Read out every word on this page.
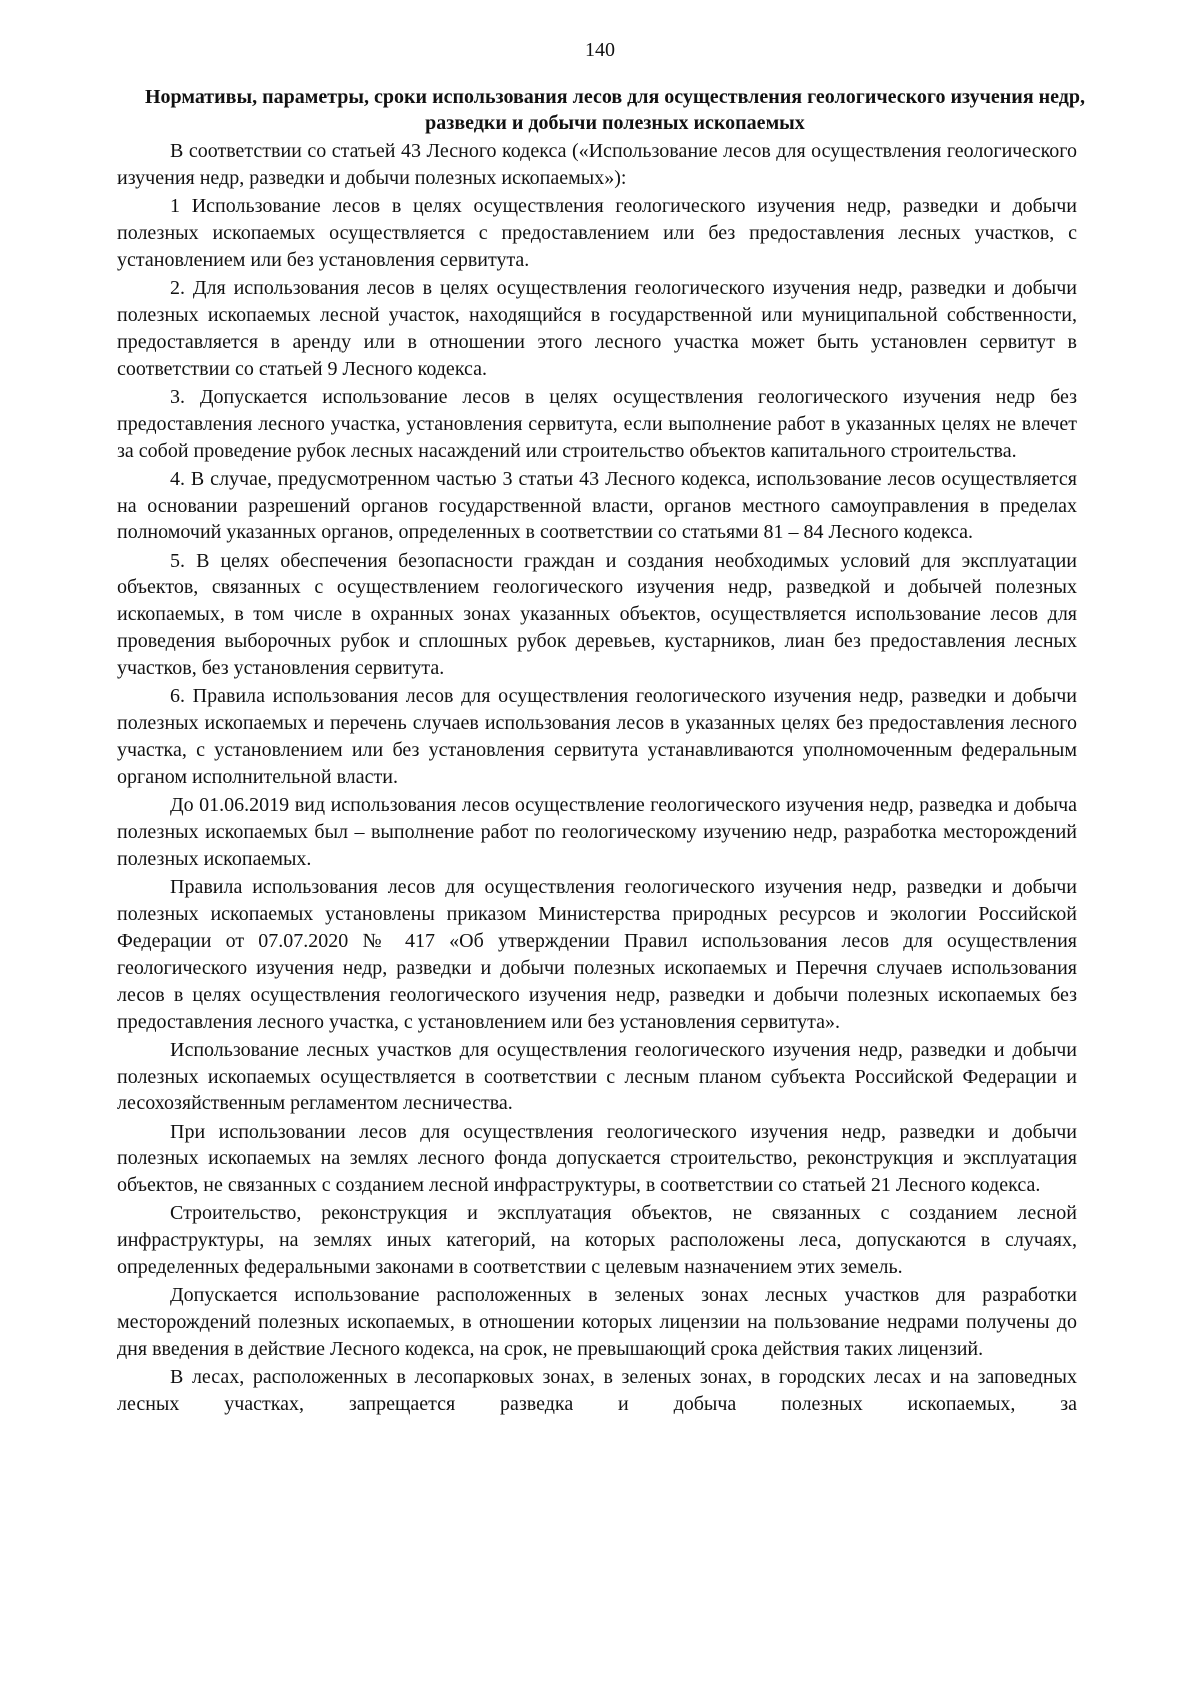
140
Нормативы, параметры, сроки использования лесов для осуществления геологического изучения недр, разведки и добычи полезных ископаемых

В соответствии со статьей 43 Лесного кодекса («Использование лесов для осуществления геологического изучения недр, разведки и добычи полезных ископаемых»):

1 Использование лесов в целях осуществления геологического изучения недр, разведки и добычи полезных ископаемых осуществляется с предоставлением или без предоставления лесных участков, с установлением или без установления сервитута.

2. Для использования лесов в целях осуществления геологического изучения недр, разведки и добычи полезных ископаемых лесной участок, находящийся в государственной или муниципальной собственности, предоставляется в аренду или в отношении этого лесного участка может быть установлен сервитут в соответствии со статьей 9 Лесного кодекса.

3. Допускается использование лесов в целях осуществления геологического изучения недр без предоставления лесного участка, установления сервитута, если выполнение работ в указанных целях не влечет за собой проведение рубок лесных насаждений или строительство объектов капитального строительства.

4. В случае, предусмотренном частью 3 статьи 43 Лесного кодекса, использование лесов осуществляется на основании разрешений органов государственной власти, органов местного самоуправления в пределах полномочий указанных органов, определенных в соответствии со статьями 81 – 84 Лесного кодекса.

5. В целях обеспечения безопасности граждан и создания необходимых условий для эксплуатации объектов, связанных с осуществлением геологического изучения недр, разведкой и добычей полезных ископаемых, в том числе в охранных зонах указанных объектов, осуществляется использование лесов для проведения выборочных рубок и сплошных рубок деревьев, кустарников, лиан без предоставления лесных участков, без установления сервитута.

6. Правила использования лесов для осуществления геологического изучения недр, разведки и добычи полезных ископаемых и перечень случаев использования лесов в указанных целях без предоставления лесного участка, с установлением или без установления сервитута устанавливаются уполномоченным федеральным органом исполнительной власти.

До 01.06.2019 вид использования лесов осуществление геологического изучения недр, разведка и добыча полезных ископаемых был – выполнение работ по геологическому изучению недр, разработка месторождений полезных ископаемых.

Правила использования лесов для осуществления геологического изучения недр, разведки и добычи полезных ископаемых установлены приказом Министерства природных ресурсов и экологии Российской Федерации от 07.07.2020 № 417 «Об утверждении Правил использования лесов для осуществления геологического изучения недр, разведки и добычи полезных ископаемых и Перечня случаев использования лесов в целях осуществления геологического изучения недр, разведки и добычи полезных ископаемых без предоставления лесного участка, с установлением или без установления сервитута».

Использование лесных участков для осуществления геологического изучения недр, разведки и добычи полезных ископаемых осуществляется в соответствии с лесным планом субъекта Российской Федерации и лесохозяйственным регламентом лесничества.

При использовании лесов для осуществления геологического изучения недр, разведки и добычи полезных ископаемых на землях лесного фонда допускается строительство, реконструкция и эксплуатация объектов, не связанных с созданием лесной инфраструктуры, в соответствии со статьей 21 Лесного кодекса.

Строительство, реконструкция и эксплуатация объектов, не связанных с созданием лесной инфраструктуры, на землях иных категорий, на которых расположены леса, допускаются в случаях, определенных федеральными законами в соответствии с целевым назначением этих земель.

Допускается использование расположенных в зеленых зонах лесных участков для разработки месторождений полезных ископаемых, в отношении которых лицензии на пользование недрами получены до дня введения в действие Лесного кодекса, на срок, не превышающий срока действия таких лицензий.

В лесах, расположенных в лесопарковых зонах, в зеленых зонах, в городских лесах и на заповедных лесных участках, запрещается разведка и добыча полезных ископаемых, за
